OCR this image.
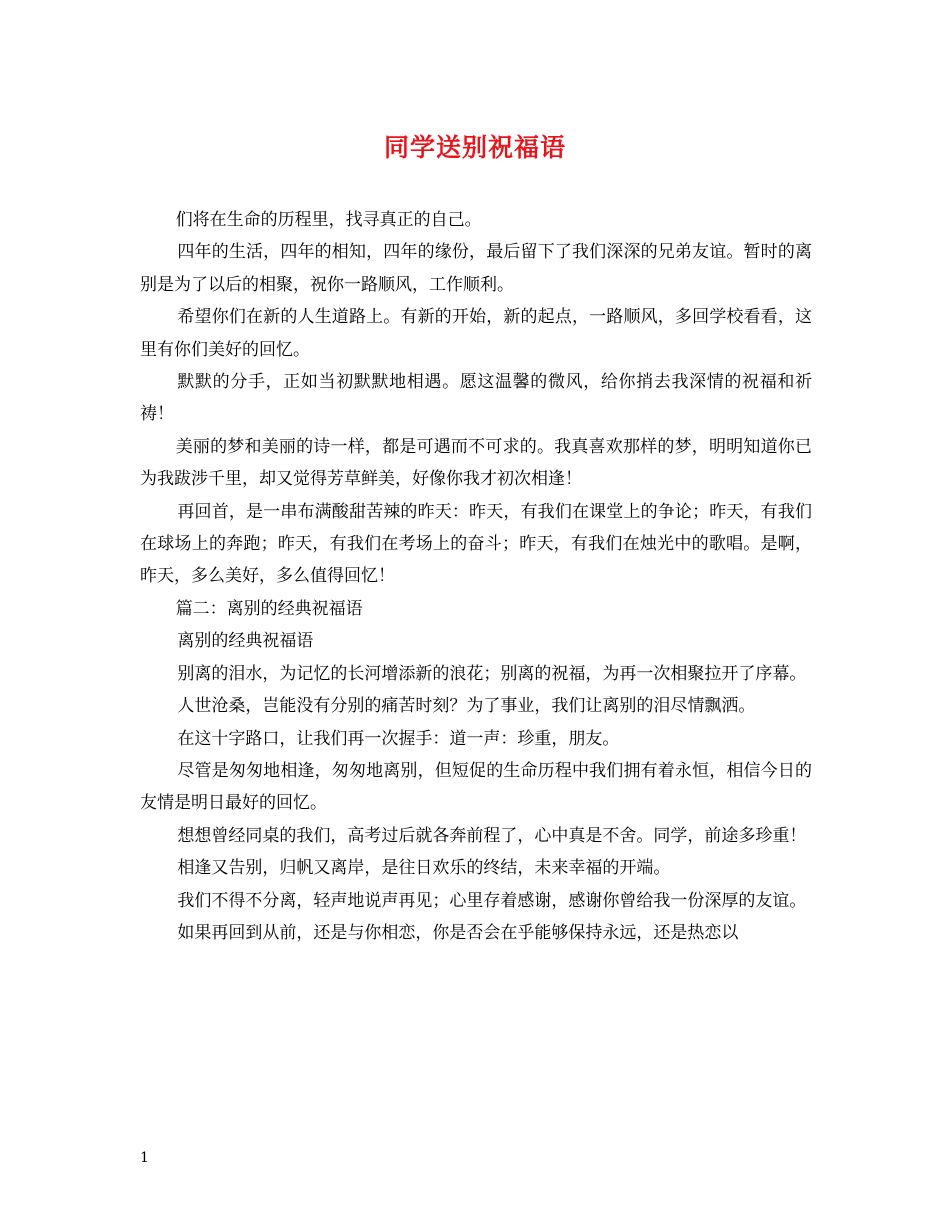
同学送别祝福语

们将在生命的历程里，找寻真正的自己。

四年的生活，四年的相知，四年的缘份，最后留下了我们深深的兄弟友谊。暂时的离别是为了以后的相聚，祝你一路顺风，工作顺利。

希望你们在新的人生道路上。有新的开始，新的起点，一路顺风，多回学校看看，这里有你们美好的回忆。

默默的分手，正如当初默默地相遇。愿这温馨的微风，给你捎去我深情的祝福和祈祷！

美丽的梦和美丽的诗一样，都是可遇而不可求的。我真喜欢那样的梦，明明知道你已为我跋涉千里，却又觉得芳草鲜美，好像你我才初次相逢！

再回首，是一串布满酸甜苦辣的昨天：昨天，有我们在课堂上的争论；昨天，有我们在球场上的奔跑；昨天，有我们在考场上的奋斗；昨天，有我们在烛光中的歌唱。是啊，昨天，多么美好，多么值得回忆！

篇二：离别的经典祝福语

离别的经典祝福语

别离的泪水，为记忆的长河增添新的浪花；别离的祝福，为再一次相聚拉开了序幕。

人世沧桑，岂能没有分别的痛苦时刻？为了事业，我们让离别的泪尽情飘洒。

在这十字路口，让我们再一次握手：道一声：珍重，朋友。

尽管是匆匆地相逢，匆匆地离别，但短促的生命历程中我们拥有着永恒，相信今日的友情是明日最好的回忆。

想想曾经同桌的我们，高考过后就各奔前程了，心中真是不舍。同学，前途多珍重！

相逢又告别，归帆又离岸，是往日欢乐的终结，未来幸福的开端。

我们不得不分离，轻声地说声再见；心里存着感谢，感谢你曾给我一份深厚的友谊。

如果再回到从前，还是与你相恋，你是否会在乎能够保持永远，还是热恋以

1
